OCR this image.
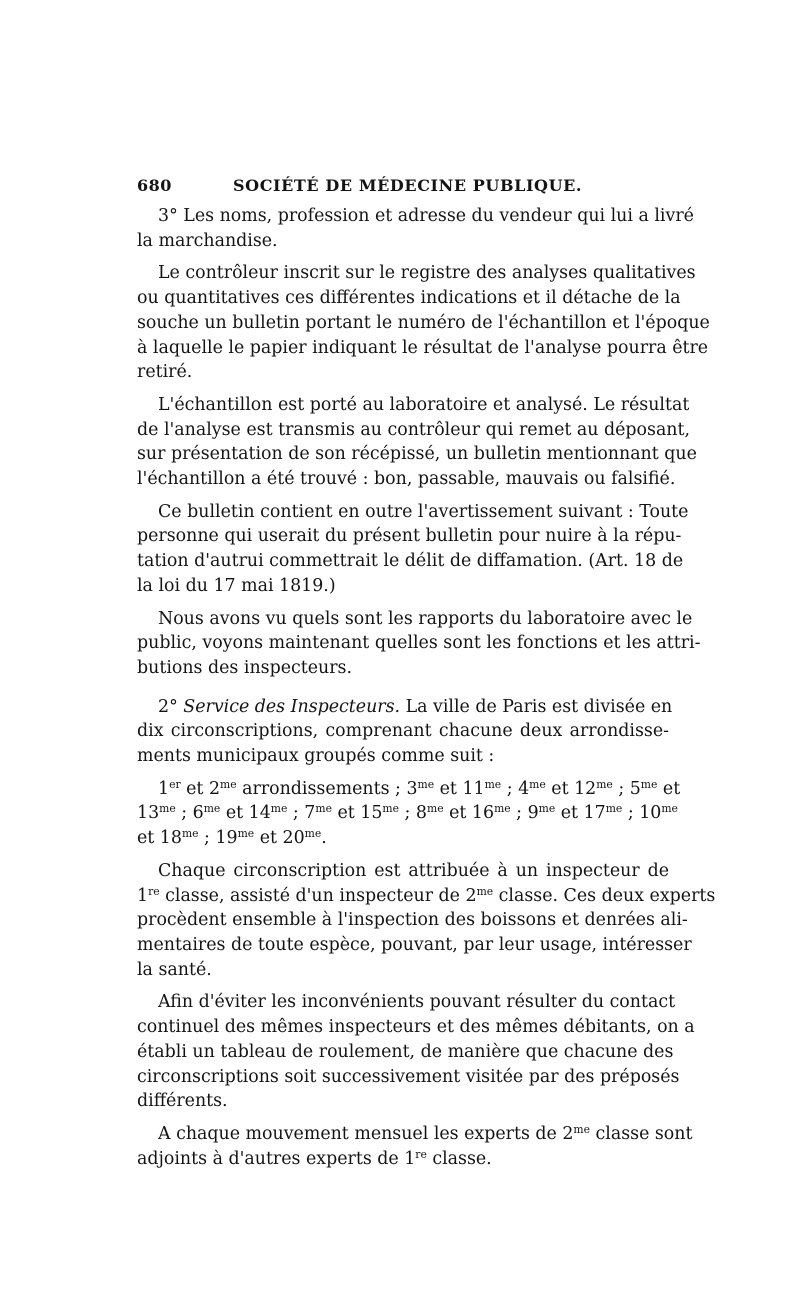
680	SOCIÉTÉ DE MÉDECINE PUBLIQUE.

3° Les noms, profession et adresse du vendeur qui lui a livré
la marchandise.

Le contrôleur inscrit sur le registre des analyses qualitatives
ou quantitatives ces différentes indications et il détache de la
souche un bulletin portant le numéro de l'échantillon et l'époque
à laquelle le papier indiquant le résultat de l'analyse pourra être
retiré.

L'échantillon est porté au laboratoire et analysé. Le résultat
de l'analyse est transmis au contrôleur qui remet au déposant,
sur présentation de son récépissé, un bulletin mentionnant que
l'échantillon a été trouvé : bon, passable, mauvais ou falsifié.

Ce bulletin contient en outre l'avertissement suivant : Toute
personne qui userait du présent bulletin pour nuire à la répu-
tation d'autrui commettrait le délit de diffamation. (Art. 18 de
la loi du 17 mai 1819.)

Nous avons vu quels sont les rapports du laboratoire avec le
public, voyons maintenant quelles sont les fonctions et les attri-
butions des inspecteurs.

2° Service des Inspecteurs. La ville de Paris est divisée en
dix circonscriptions, comprenant chacune deux arrondisse-
ments municipaux groupés comme suit :

1er et $2^{me}$ arrondissements ; $3^{me}$ et $11^{me}$ ; $4^{me}$ et $12^{me}$ ; $5^{me}$ et
$13^{me}$ ; $6^{me}$ et $14^{me}$ ; $7^{me}$ et $15^{me}$ ; $8^{me}$ et $16^{me}$ ; $9^{me}$ et $17^{me}$ ; $10^{me}$
et $18^{me}$ ; $19^{me}$ et $20^{me}$.

Chaque circonscription est attribuée à un inspecteur de
1re classe, assisté d'un inspecteur de $2^{me}$ classe. Ces deux experts
procèdent ensemble à l'inspection des boissons et denrées ali-
mentaires de toute espèce, pouvant, par leur usage, intéresser
la santé.

Afin d'éviter les inconvénients pouvant résulter du contact
continuel des mêmes inspecteurs et des mêmes débitants, on a
établi un tableau de roulement, de manière que chacune des
circonscriptions soit successivement visitée par des préposés
différents.

A chaque mouvement mensuel les experts de $2^{me}$ classe sont
adjoints à d'autres experts de 1re classe.
